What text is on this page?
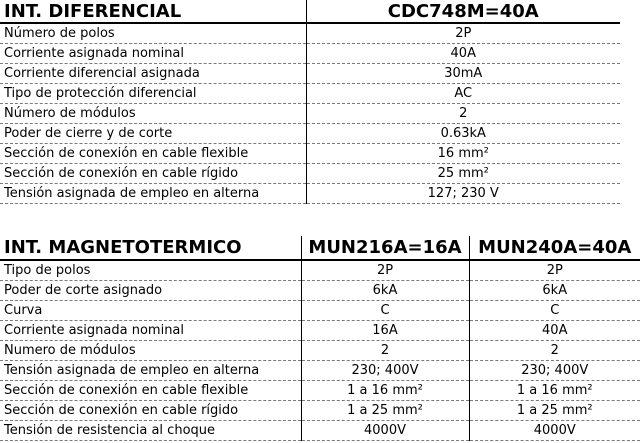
INT. DIFERENCIAL	CDC748M=40A
Número de polos	2P
Corriente asignada nominal	40A
Corriente diferencial asignada	30mA
Tipo de protección diferencial	AC
Número de módulos	2
Poder de cierre y de corte	0.63kA
Sección de conexión en cable flexible	16 mm²
Sección de conexión en cable rígido	25 mm²
Tensión asignada de empleo en alterna	127; 230 V
INT. MAGNETOTERMICO	MUN216A=16A	MUN240A=40A
Tipo de polos	2P	2P
Poder de corte asignado	6kA	6kA
Curva	C	C
Corriente asignada nominal	16A	40A
Numero de módulos	2	2
Tensión asignada de empleo en alterna	230; 400V	230; 400V
Sección de conexión en cable flexible	1 a 16 mm²	1 a 16 mm²
Sección de conexión en cable rígido	1 a 25 mm²	1 a 25 mm²
Tensión de resistencia al choque	4000V	4000V
